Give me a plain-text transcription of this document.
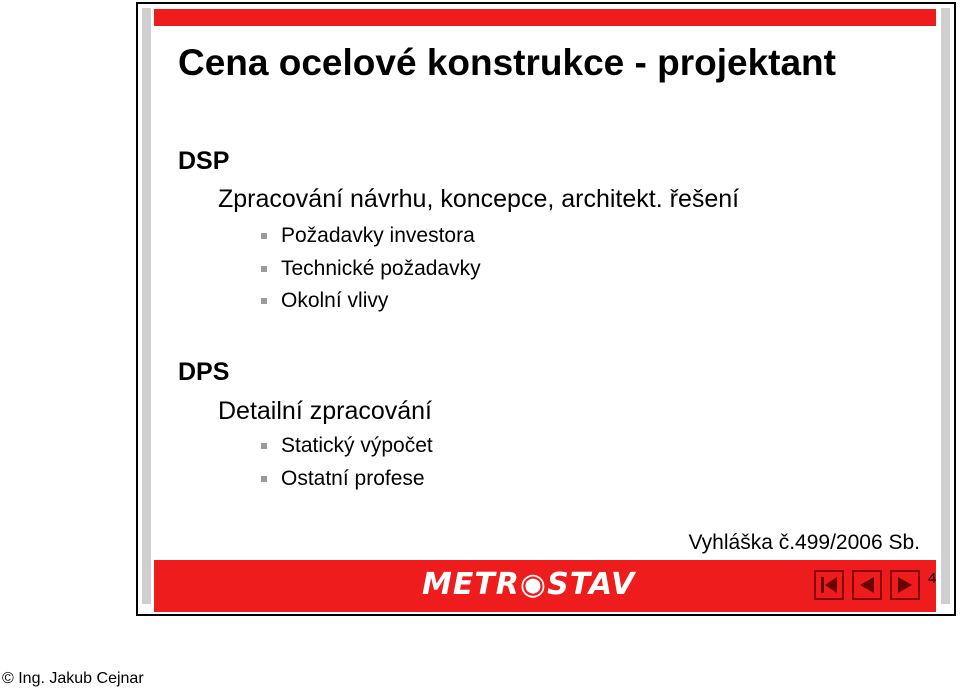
Cena ocelové konstrukce - projektant
DSP
Zpracování návrhu, koncepce, architekt. řešení
Požadavky investora
Technické požadavky
Okolní vlivy
DPS
Detailní zpracování
Statický výpočet
Ostatní profese
Vyhláška č.499/2006 Sb.
METR◉STAV	4
© Ing. Jakub Cejnar
